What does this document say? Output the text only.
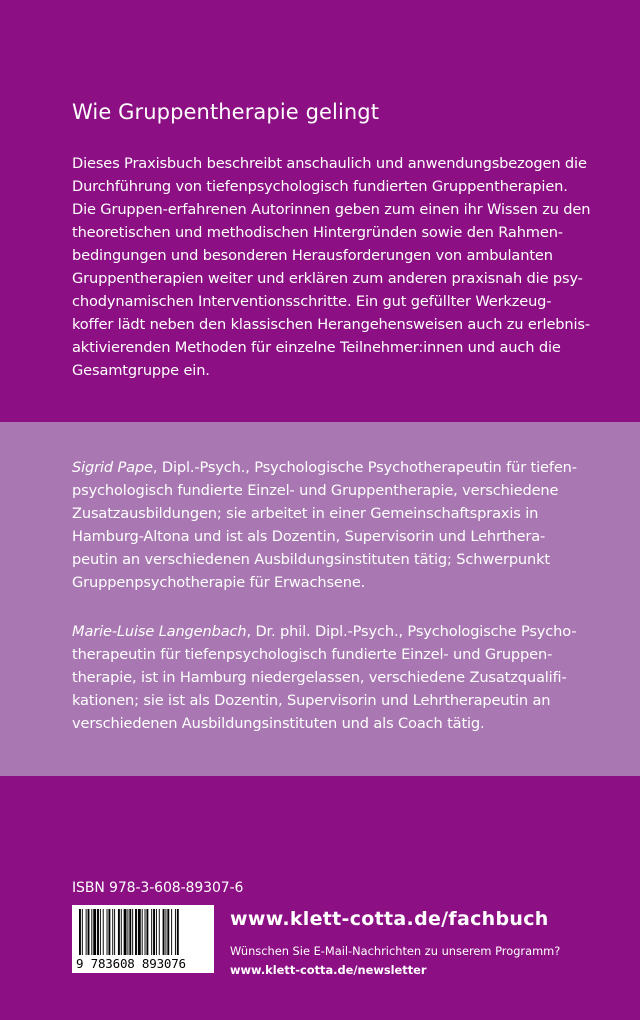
Wie Gruppentherapie gelingt
Dieses Praxisbuch beschreibt anschaulich und anwendungsbezogen die
Durchführung von tiefenpsychologisch fundierten Gruppentherapien.
Die Gruppen-erfahrenen Autorinnen geben zum einen ihr Wissen zu den
theoretischen und methodischen Hintergründen sowie den Rahmen-
bedingungen und besonderen Herausforderungen von ambulanten
Gruppentherapien weiter und erklären zum anderen praxisnah die psy-
chodynamischen Interventionsschritte. Ein gut gefüllter Werkzeug-
koffer lädt neben den klassischen Herangehensweisen auch zu erlebnis-
aktivierenden Methoden für einzelne Teilnehmer:innen und auch die
Gesamtgruppe ein.
Sigrid Pape, Dipl.-Psych., Psychologische Psychotherapeutin für tiefen-
psychologisch fundierte Einzel- und Gruppentherapie, verschiedene
Zusatzausbildungen; sie arbeitet in einer Gemeinschaftspraxis in
Hamburg-Altona und ist als Dozentin, Supervisorin und Lehrthera-
peutin an verschiedenen Ausbildungsinstituten tätig; Schwerpunkt
Gruppenpsychotherapie für Erwachsene.
Marie-Luise Langenbach, Dr. phil. Dipl.-Psych., Psychologische Psycho-
therapeutin für tiefenpsychologisch fundierte Einzel- und Gruppen-
therapie, ist in Hamburg niedergelassen, verschiedene Zusatzqualifi-
kationen; sie ist als Dozentin, Supervisorin und Lehrtherapeutin an
verschiedenen Ausbildungsinstituten und als Coach tätig.
ISBN 978-3-608-89307-6
9 783608 893076
www.klett-cotta.de/fachbuch
Wünschen Sie E-Mail-Nachrichten zu unserem Programm?
www.klett-cotta.de/newsletter
